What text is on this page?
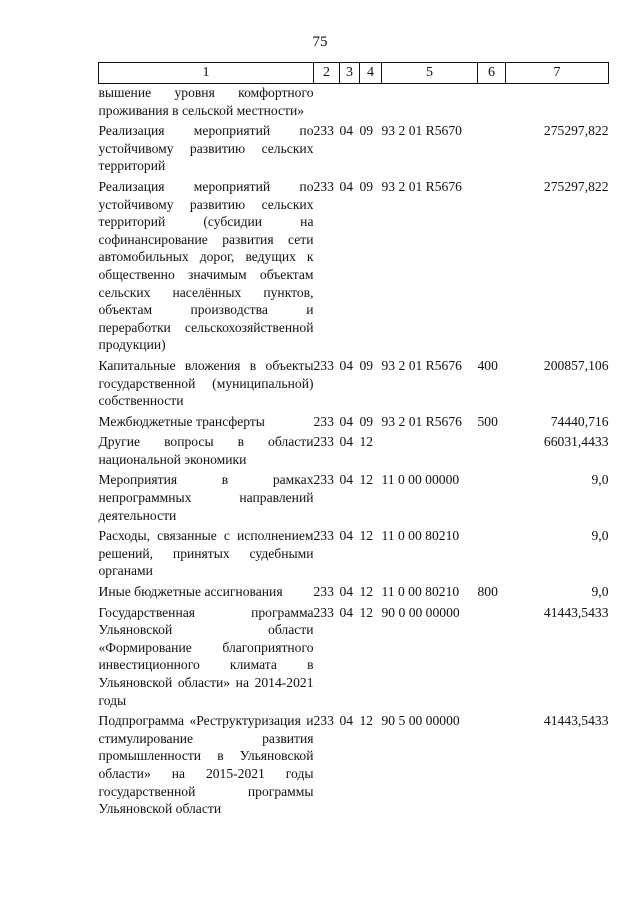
75
1	2	3	4	5	6	7
вышение уровня комфортного проживания в сельской местности»						
Реализация мероприятий по устойчивому развитию сельских территорий	233	04	09	93 2 01 R5670		275297,822
Реализация мероприятий по устойчивому развитию сельских территорий (субсидии на софинансирование развития сети автомобильных дорог, ведущих к общественно значимым объектам сельских населённых пунктов, объектам производства и переработки сельскохозяйственной продукции)	233	04	09	93 2 01 R5676		275297,822
Капитальные вложения в объекты государственной (муниципальной) собственности	233	04	09	93 2 01 R5676	400	200857,106
Межбюджетные трансферты	233	04	09	93 2 01 R5676	500	74440,716
Другие вопросы в области национальной экономики	233	04	12			66031,4433
Мероприятия в рамках непрограммных направлений деятельности	233	04	12	11 0 00 00000		9,0
Расходы, связанные с исполнением решений, принятых судебными органами	233	04	12	11 0 00 80210		9,0
Иные бюджетные ассигнования	233	04	12	11 0 00 80210	800	9,0
Государственная программа Ульяновской области «Формирование благоприятного инвестиционного климата в Ульяновской области» на 2014-2021 годы	233	04	12	90 0 00 00000		41443,5433
Подпрограмма «Реструктуризация и стимулирование развития промышленности в Ульяновской области» на 2015-2021 годы государственной программы Ульяновской области	233	04	12	90 5 00 00000		41443,5433
